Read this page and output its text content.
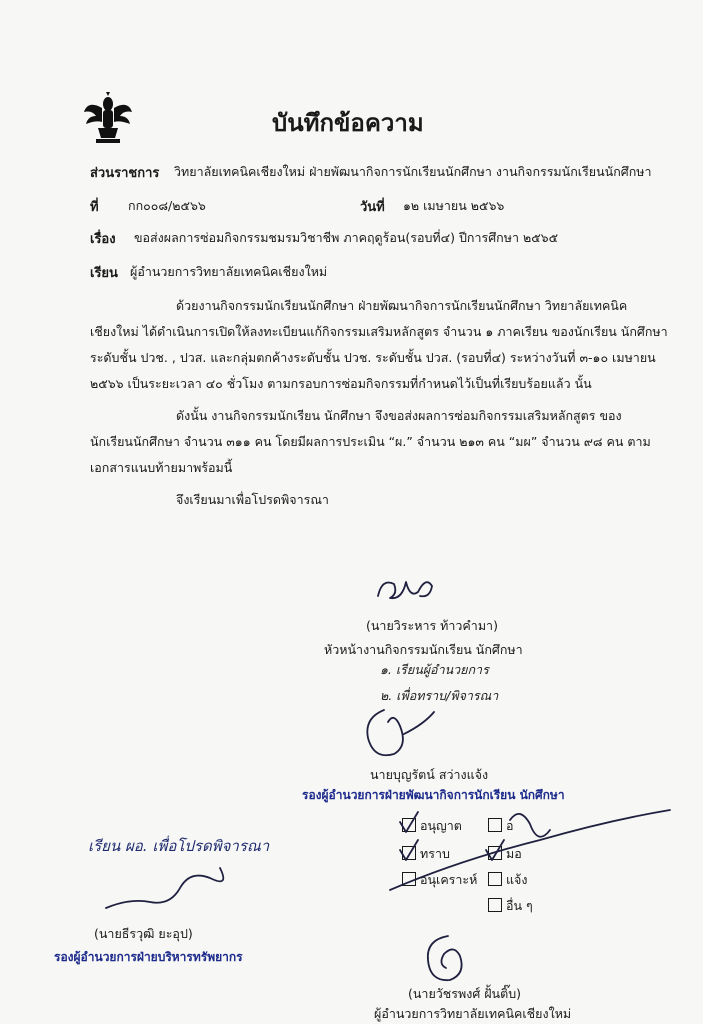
บันทึกข้อความ
ส่วนราชการ วิทยาลัยเทคนิคเชียงใหม่ ฝ่ายพัฒนากิจการนักเรียนนักศึกษา งานกิจกรรมนักเรียนนักศึกษา
ที่ กก๐๐๘/๒๕๖๖	วันที่ ๑๒ เมษายน ๒๕๖๖
เรื่อง ขอส่งผลการซ่อมกิจกรรมชมรมวิชาชีพ ภาคฤดูร้อน(รอบที่๔) ปีการศึกษา ๒๕๖๕
เรียน ผู้อำนวยการวิทยาลัยเทคนิคเชียงใหม่
ด้วยงานกิจกรรมนักเรียนนักศึกษา ฝ่ายพัฒนากิจการนักเรียนนักศึกษา วิทยาลัยเทคนิค
เชียงใหม่ ได้ดำเนินการเปิดให้ลงทะเบียนแก้กิจกรรมเสริมหลักสูตร จำนวน ๑ ภาคเรียน ของนักเรียน นักศึกษา
ระดับชั้น ปวช. , ปวส. และกลุ่มตกค้างระดับชั้น ปวช. ระดับชั้น ปวส. (รอบที่๔) ระหว่างวันที่ ๓-๑๐ เมษายน
๒๕๖๖ เป็นระยะเวลา ๔๐ ชั่วโมง ตามกรอบการซ่อมกิจกรรมที่กำหนดไว้เป็นที่เรียบร้อยแล้ว นั้น
ดังนั้น งานกิจกรรมนักเรียน นักศึกษา จึงขอส่งผลการซ่อมกิจกรรมเสริมหลักสูตร ของ
นักเรียนนักศึกษา จำนวน ๓๑๑ คน โดยมีผลการประเมิน “ผ.” จำนวน ๒๑๓ คน “มผ” จำนวน ๙๘ คน ตาม
เอกสารแนบท้ายมาพร้อมนี้
จึงเรียนมาเพื่อโปรดพิจารณา
(นายวิระหาร ท้าวคำมา)
หัวหน้างานกิจกรรมนักเรียน นักศึกษา
๑. เรียนผู้อำนวยการ
๒. เพื่อทราบ/พิจารณา
นายบุญรัตน์ สว่างแจ้ง
รองผู้อำนวยการฝ่ายพัฒนากิจการนักเรียน นักศึกษา
อนุญาต
ทราบ
อนุเคราะห์
อ
มอ
แจ้ง
อื่น ๆ
เรียน ผอ. เพื่อโปรดพิจารณา
(นายธีรวุฒิ ยะอุป)
รองผู้อำนวยการฝ่ายบริหารทรัพยากร
(นายวัชรพงศ์ ฝั้นติ๊บ)
ผู้อำนวยการวิทยาลัยเทคนิคเชียงใหม่
